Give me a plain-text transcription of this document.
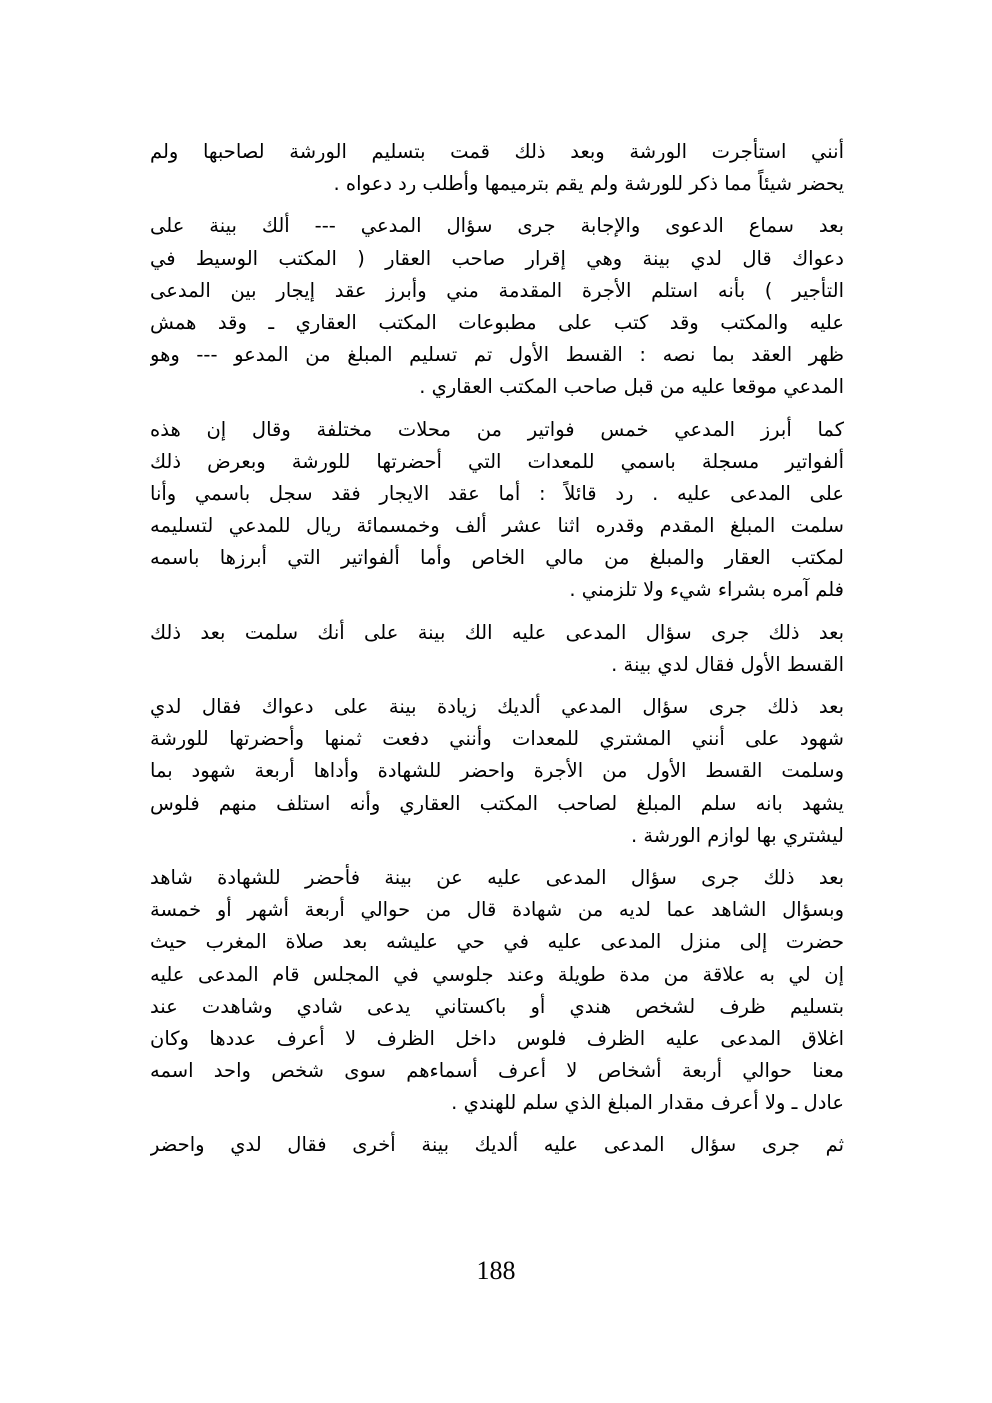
أنني استأجرت الورشة وبعد ذلك قمت بتسليم الورشة لصاحبها ولم
يحضر شيئاً مما ذكر للورشة ولم يقم بترميمها وأطلب رد دعواه .
بعد سماع الدعوى والإجابة جرى سؤال المدعي --- ألك بينة على
دعواك قال لدي بينة وهي إقرار صاحب العقار ( المكتب الوسيط في
التأجير ) بأنه استلم الأجرة المقدمة مني وأبرز عقد إيجار بين المدعى
عليه والمكتب وقد كتب على مطبوعات المكتب العقاري ـ وقد همش
ظهر العقد بما نصه : القسط الأول تم تسليم المبلغ من المدعو --- وهو
المدعي موقعا عليه من قبل صاحب المكتب العقاري .
كما أبرز المدعي خمس فواتير من محلات مختلفة وقال إن هذه
ألفواتير مسجلة باسمي للمعدات التي أحضرتها للورشة وبعرض ذلك
على المدعى عليه . رد قائلاً : أما عقد الايجار فقد سجل باسمي وأنا
سلمت المبلغ المقدم وقدره اثنا عشر ألف وخمسمائة ريال للمدعي لتسليمه
لمكتب العقار والمبلغ من مالي الخاص وأما ألفواتير التي أبرزها باسمه
فلم آمره بشراء شيء ولا تلزمني .
بعد ذلك جرى سؤال المدعى عليه الك بينة على أنك سلمت بعد ذلك
القسط الأول فقال لدي بينة .
بعد ذلك جرى سؤال المدعي ألديك زيادة بينة على دعواك فقال لدي
شهود على أنني المشتري للمعدات وأنني دفعت ثمنها وأحضرتها للورشة
وسلمت القسط الأول من الأجرة واحضر للشهادة وأداها أربعة شهود بما
يشهد بانه سلم المبلغ لصاحب المكتب العقاري وأنه استلف منهم فلوس
ليشتري بها لوازم الورشة .
بعد ذلك جرى سؤال المدعى عليه عن بينة فأحضر للشهادة شاهد
وبسؤال الشاهد عما لديه من شهادة قال من حوالي أربعة أشهر أو خمسة
حضرت إلى منزل المدعى عليه في حي عليشه بعد صلاة المغرب حيث
إن لي به علاقة من مدة طويلة وعند جلوسي في المجلس قام المدعى عليه
بتسليم ظرف لشخص هندي أو باكستاني يدعى شادي وشاهدت عند
اغلاق المدعى عليه الظرف فلوس داخل الظرف لا أعرف عددها وكان
معنا حوالي أربعة أشخاص لا أعرف أسماءهم سوى شخص واحد اسمه
عادل ـ ولا أعرف مقدار المبلغ الذي سلم للهندي .
ثم جرى سؤال المدعى عليه ألديك بينة أخرى فقال لدي واحضر
188
